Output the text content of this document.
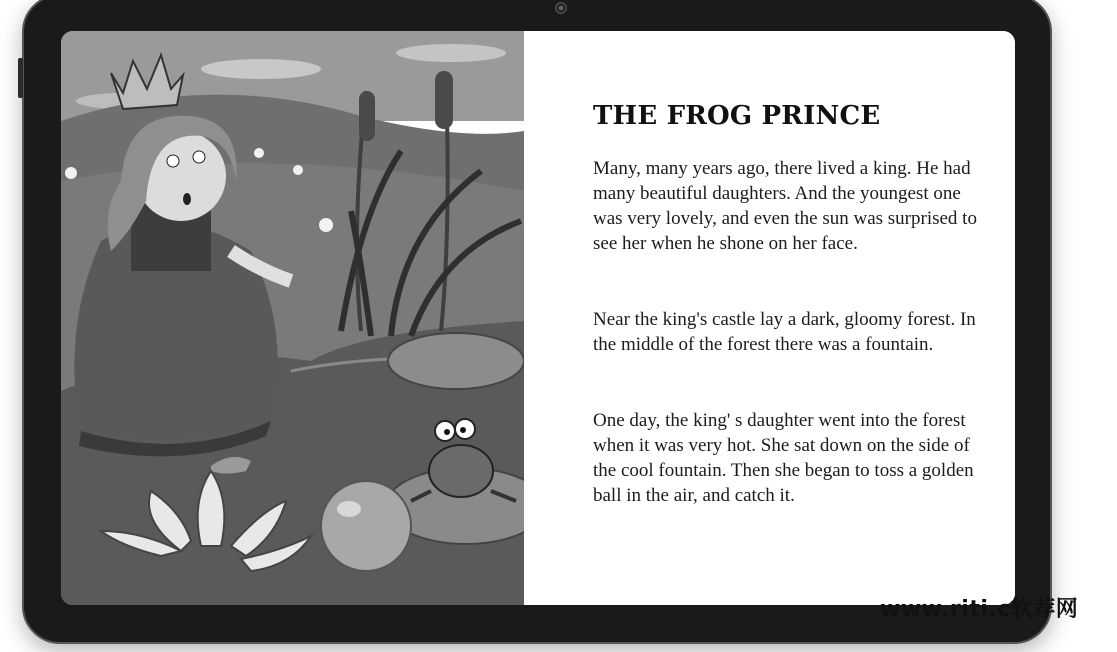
THE FROG PRINCE

Many, many years ago, there lived a king. He had many beautiful daughters. And the youngest one was very lovely, and even the sun was surprised to see her when he shone on her face.

Near the king's castle lay a dark, gloomy forest. In the middle of the forest there was a fountain.

One day, the king' s daughter went into the forest when it was very hot. She sat down on the side of the cool fountain. Then she began to toss a golden ball in the air, and catch it.

www.riti.c软荐网
